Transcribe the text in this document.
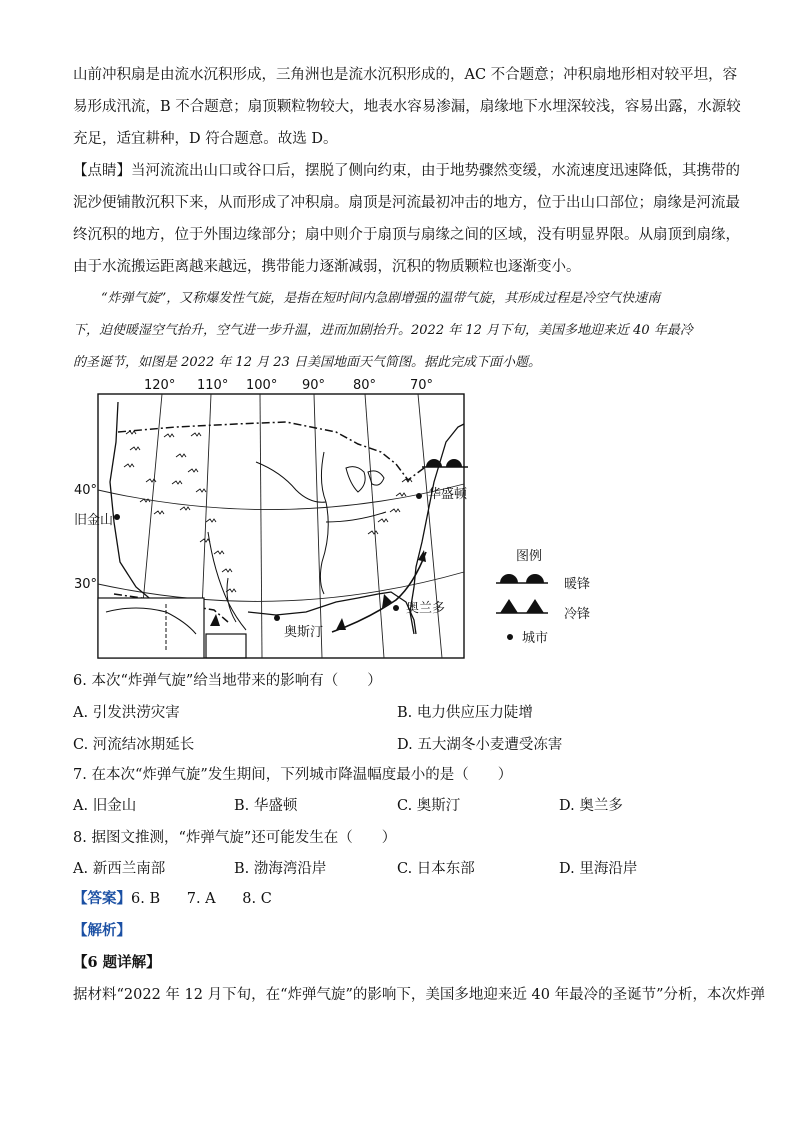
山前冲积扇是由流水沉积形成，三角洲也是流水沉积形成的，AC 不合题意；冲积扇地形相对较平坦，容
易形成汛流，B 不合题意；扇顶颗粒物较大，地表水容易渗漏，扇缘地下水埋深较浅，容易出露，水源较
充足，适宜耕种，D 符合题意。故选 D。
【点睛】当河流流出山口或谷口后，摆脱了侧向约束，由于地势骤然变缓，水流速度迅速降低，其携带的
泥沙便铺散沉积下来，从而形成了冲积扇。扇顶是河流最初冲击的地方，位于出山口部位；扇缘是河流最
终沉积的地方，位于外围边缘部分；扇中则介于扇顶与扇缘之间的区域，没有明显界限。从扇顶到扇缘，
由于水流搬运距离越来越远，携带能力逐渐减弱，沉积的物质颗粒也逐渐变小。
“炸弹气旋”，又称爆发性气旋，是指在短时间内急剧增强的温带气旋，其形成过程是冷空气快速南
下，迫使暖湿空气抬升，空气进一步升温，进而加剧抬升。2022 年 12 月下旬，美国多地迎来近 40 年最冷
的圣诞节，如图是 2022 年 12 月 23 日美国地面天气简图。据此完成下面小题。
120° 110° 100° 90° 80°	70°
40°
30°
旧金山
华盛顿
奥斯汀
奥兰多
图例
暖锋
冷锋
城市
6. 本次“炸弹气旋”给当地带来的影响有（　　）
A. 引发洪涝灾害	B. 电力供应压力陡增
C. 河流结冰期延长	D. 五大湖冬小麦遭受冻害
7. 在本次“炸弹气旋”发生期间，下列城市降温幅度最小的是（　　）
A. 旧金山	B. 华盛顿	C. 奥斯汀	D. 奥兰多
8. 据图文推测，“炸弹气旋”还可能发生在（　　）
A. 新西兰南部	B. 渤海湾沿岸	C. 日本东部	D. 里海沿岸
【答案】6. B 7. A 8. C
【解析】
【6 题详解】
据材料“2022 年 12 月下旬，在“炸弹气旋”的影响下，美国多地迎来近 40 年最冷的圣诞节”分析，本次炸弹
